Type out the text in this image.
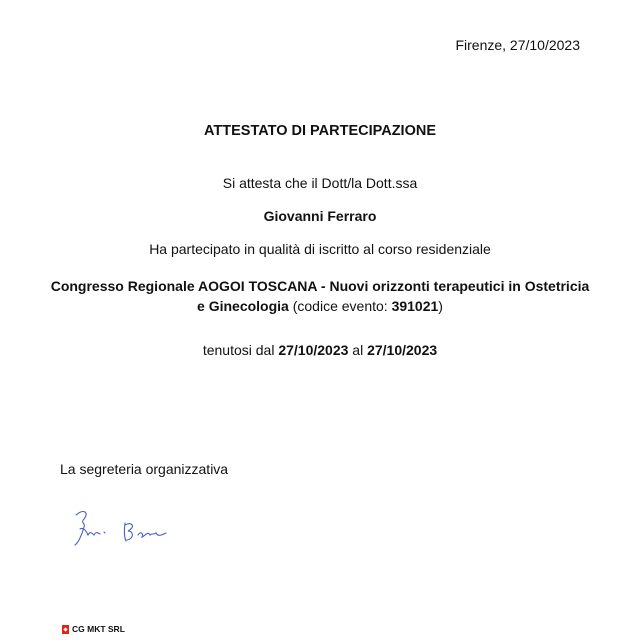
Firenze, 27/10/2023
ATTESTATO DI PARTECIPAZIONE
Si attesta che il Dott/la Dott.ssa
Giovanni Ferraro
Ha partecipato in qualità di iscritto al corso residenziale
Congresso Regionale AOGOI TOSCANA - Nuovi orizzonti terapeutici in Ostetricia e Ginecologia (codice evento: 391021)
tenutosi dal 27/10/2023 al 27/10/2023
La segreteria organizzativa
CG MKT SRL
